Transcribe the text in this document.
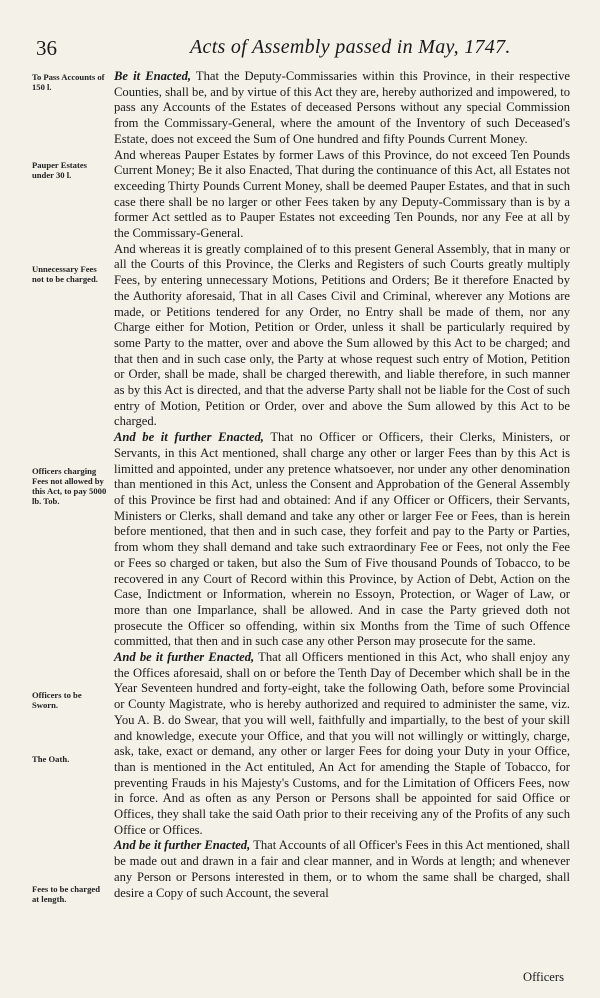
36	Acts of Assembly passed in May, 1747.
To Pass Accounts of 150 l.
Pauper Estates under 30 l.
Unnecessary Fees not to be charged.
Officers charging Fees not allowed by this Act, to pay 5000 lb. Tob.
Officers to be Sworn.
The Oath.
Fees to be charged at length.

Be it Enacted, That the Deputy-Commissaries within this Province, in their respective Counties, shall be, and by virtue of this Act they are, hereby authorized and impowered, to pass any Accounts of the Estates of deceased Persons without any special Commission from the Commissary-General, where the amount of the Inventory of such Deceased's Estate, does not exceed the Sum of One hundred and fifty Pounds Current Money.

And whereas Pauper Estates by former Laws of this Province, do not exceed Ten Pounds Current Money; Be it also Enacted, That during the continuance of this Act, all Estates not exceeding Thirty Pounds Current Money, shall be deemed Pauper Estates, and that in such case there shall be no larger or other Fees taken by any Deputy-Commissary than is by a former Act settled as to Pauper Estates not exceeding Ten Pounds, nor any Fee at all by the Commissary-General.

And whereas it is greatly complained of to this present General Assembly, that in many or all the Courts of this Province, the Clerks and Registers of such Courts greatly multiply Fees, by entering unnecessary Motions, Petitions and Orders; Be it therefore Enacted by the Authority aforesaid, That in all Cases Civil and Criminal, wherever any Motions are made, or Petitions tendered for any Order, no Entry shall be made of them, nor any Charge either for Motion, Petition or Order, unless it shall be particularly required by some Party to the matter, over and above the Sum allowed by this Act to be charged; and that then and in such case only, the Party at whose request such entry of Motion, Petition or Order, shall be made, shall be charged therewith, and liable therefore, in such manner as by this Act is directed, and that the adverse Party shall not be liable for the Cost of such entry of Motion, Petition or Order, over and above the Sum allowed by this Act to be charged.

And be it further Enacted, That no Officer or Officers, their Clerks, Ministers, or Servants, in this Act mentioned, shall charge any other or larger Fees than by this Act is limitted and appointed, under any pretence whatsoever, nor under any other denomination than mentioned in this Act, unless the Consent and Approbation of the General Assembly of this Province be first had and obtained: And if any Officer or Officers, their Servants, Ministers or Clerks, shall demand and take any other or larger Fee or Fees, than is herein before mentioned, that then and in such case, they forfeit and pay to the Party or Parties, from whom they shall demand and take such extraordinary Fee or Fees, not only the Fee or Fees so charged or taken, but also the Sum of Five thousand Pounds of Tobacco, to be recovered in any Court of Record within this Province, by Action of Debt, Action on the Case, Indictment or Information, wherein no Essoyn, Protection, or Wager of Law, or more than one Imparlance, shall be allowed. And in case the Party grieved doth not prosecute the Officer so offending, within six Months from the Time of such Offence committed, that then and in such case any other Person may prosecute for the same.

And be it further Enacted, That all Officers mentioned in this Act, who shall enjoy any the Offices aforesaid, shall on or before the Tenth Day of December which shall be in the Year Seventeen hundred and forty-eight, take the following Oath, before some Provincial or County Magistrate, who is hereby authorized and required to administer the same, viz. You A. B. do Swear, that you will well, faithfully and impartially, to the best of your skill and knowledge, execute your Office, and that you will not willingly or wittingly, charge, ask, take, exact or demand, any other or larger Fees for doing your Duty in your Office, than is mentioned in the Act entituled, An Act for amending the Staple of Tobacco, for preventing Frauds in his Majesty's Customs, and for the Limitation of Officers Fees, now in force. And as often as any Person or Persons shall be appointed for said Office or Offices, they shall take the said Oath prior to their receiving any of the Profits of any such Office or Offices.

And be it further Enacted, That Accounts of all Officer's Fees in this Act mentioned, shall be made out and drawn in a fair and clear manner, and in Words at length; and whenever any Person or Persons interested in them, or to whom the same shall be charged, shall desire a Copy of such Account, the several

Officers
